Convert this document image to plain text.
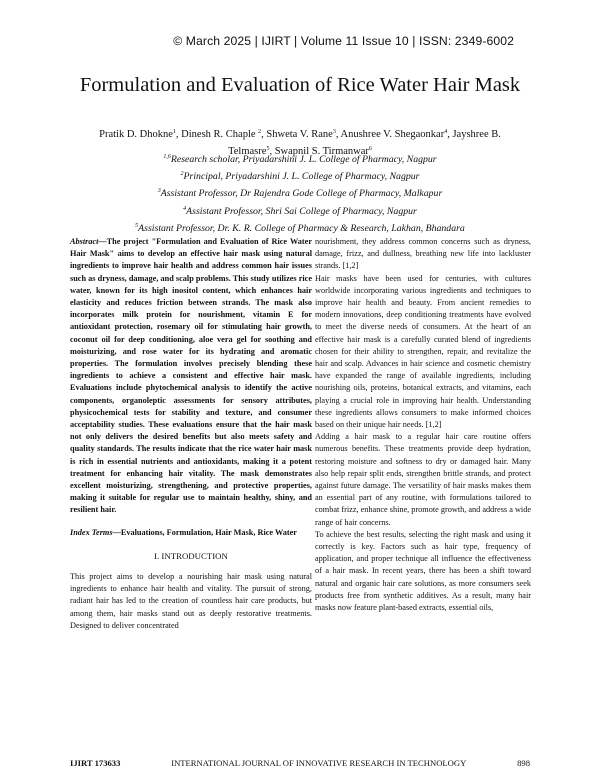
© March 2025 | IJIRT | Volume 11 Issue 10 | ISSN: 2349-6002
Formulation and Evaluation of Rice Water Hair Mask
Pratik D. Dhokne$^1$, Dinesh R. Chaple $^2$, Shweta V. Rane$^3$, Anushree V. Shegaonkar$^4$, Jayshree B. Telmasre$^5$, Swapnil S. Tirmanwar$^6$
$^{1,6}$Research scholar, Priyadarshini J. L. College of Pharmacy, Nagpur
$^2$Principal, Priyadarshini J. L. College of Pharmacy, Nagpur
$^3$Assistant Professor, Dr Rajendra Gode College of Pharmacy, Malkapur
$^4$Assistant Professor, Shri Sai College of Pharmacy, Nagpur
$^5$Assistant Professor, Dr. K. R. College of Pharmacy & Research, Lakhan, Bhandara
Abstract—The project "Formulation and Evaluation of Rice Water Hair Mask" aims to develop an effective hair mask using natural ingredients to improve hair health and address common hair issues such as dryness, damage, and scalp problems. This study utilizes rice water, known for its high inositol content, which enhances hair elasticity and reduces friction between strands. The mask also incorporates milk protein for nourishment, vitamin E for antioxidant protection, rosemary oil for stimulating hair growth, coconut oil for deep conditioning, aloe vera gel for soothing and moisturizing, and rose water for its hydrating and aromatic properties. The formulation involves precisely blending these ingredients to achieve a consistent and effective hair mask. Evaluations include phytochemical analysis to identify the active components, organoleptic assessments for sensory attributes, physicochemical tests for stability and texture, and consumer acceptability studies. These evaluations ensure that the hair mask not only delivers the desired benefits but also meets safety and quality standards. The results indicate that the rice water hair mask is rich in essential nutrients and antioxidants, making it a potent treatment for enhancing hair vitality. The mask demonstrates excellent moisturizing, strengthening, and protective properties, making it suitable for regular use to maintain healthy, shiny, and resilient hair.
Index Terms—Evaluations, Formulation, Hair Mask, Rice Water
I. INTRODUCTION
This project aims to develop a nourishing hair mask using natural ingredients to enhance hair health and vitality. The pursuit of strong, radiant hair has led to the creation of countless hair care products, but among them, hair masks stand out as deeply restorative treatments. Designed to deliver concentrated
nourishment, they address common concerns such as dryness, damage, frizz, and dullness, breathing new life into lackluster strands. [1,2]
Hair masks have been used for centuries, with cultures worldwide incorporating various ingredients and techniques to improve hair health and beauty. From ancient remedies to modern innovations, deep conditioning treatments have evolved to meet the diverse needs of consumers. At the heart of an effective hair mask is a carefully curated blend of ingredients chosen for their ability to strengthen, repair, and revitalize the hair and scalp. Advances in hair science and cosmetic chemistry have expanded the range of available ingredients, including nourishing oils, proteins, botanical extracts, and vitamins, each playing a crucial role in improving hair health. Understanding these ingredients allows consumers to make informed choices based on their unique hair needs. [1,2]
Adding a hair mask to a regular hair care routine offers numerous benefits. These treatments provide deep hydration, restoring moisture and softness to dry or damaged hair. Many also help repair split ends, strengthen brittle strands, and protect against future damage. The versatility of hair masks makes them an essential part of any routine, with formulations tailored to combat frizz, enhance shine, promote growth, and address a wide range of hair concerns.
To achieve the best results, selecting the right mask and using it correctly is key. Factors such as hair type, frequency of application, and proper technique all influence the effectiveness of a hair mask. In recent years, there has been a shift toward natural and organic hair care solutions, as more consumers seek products free from synthetic additives. As a result, many hair masks now feature plant-based extracts, essential oils,
IJIRT 173633	INTERNATIONAL JOURNAL OF INNOVATIVE RESEARCH IN TECHNOLOGY	898
